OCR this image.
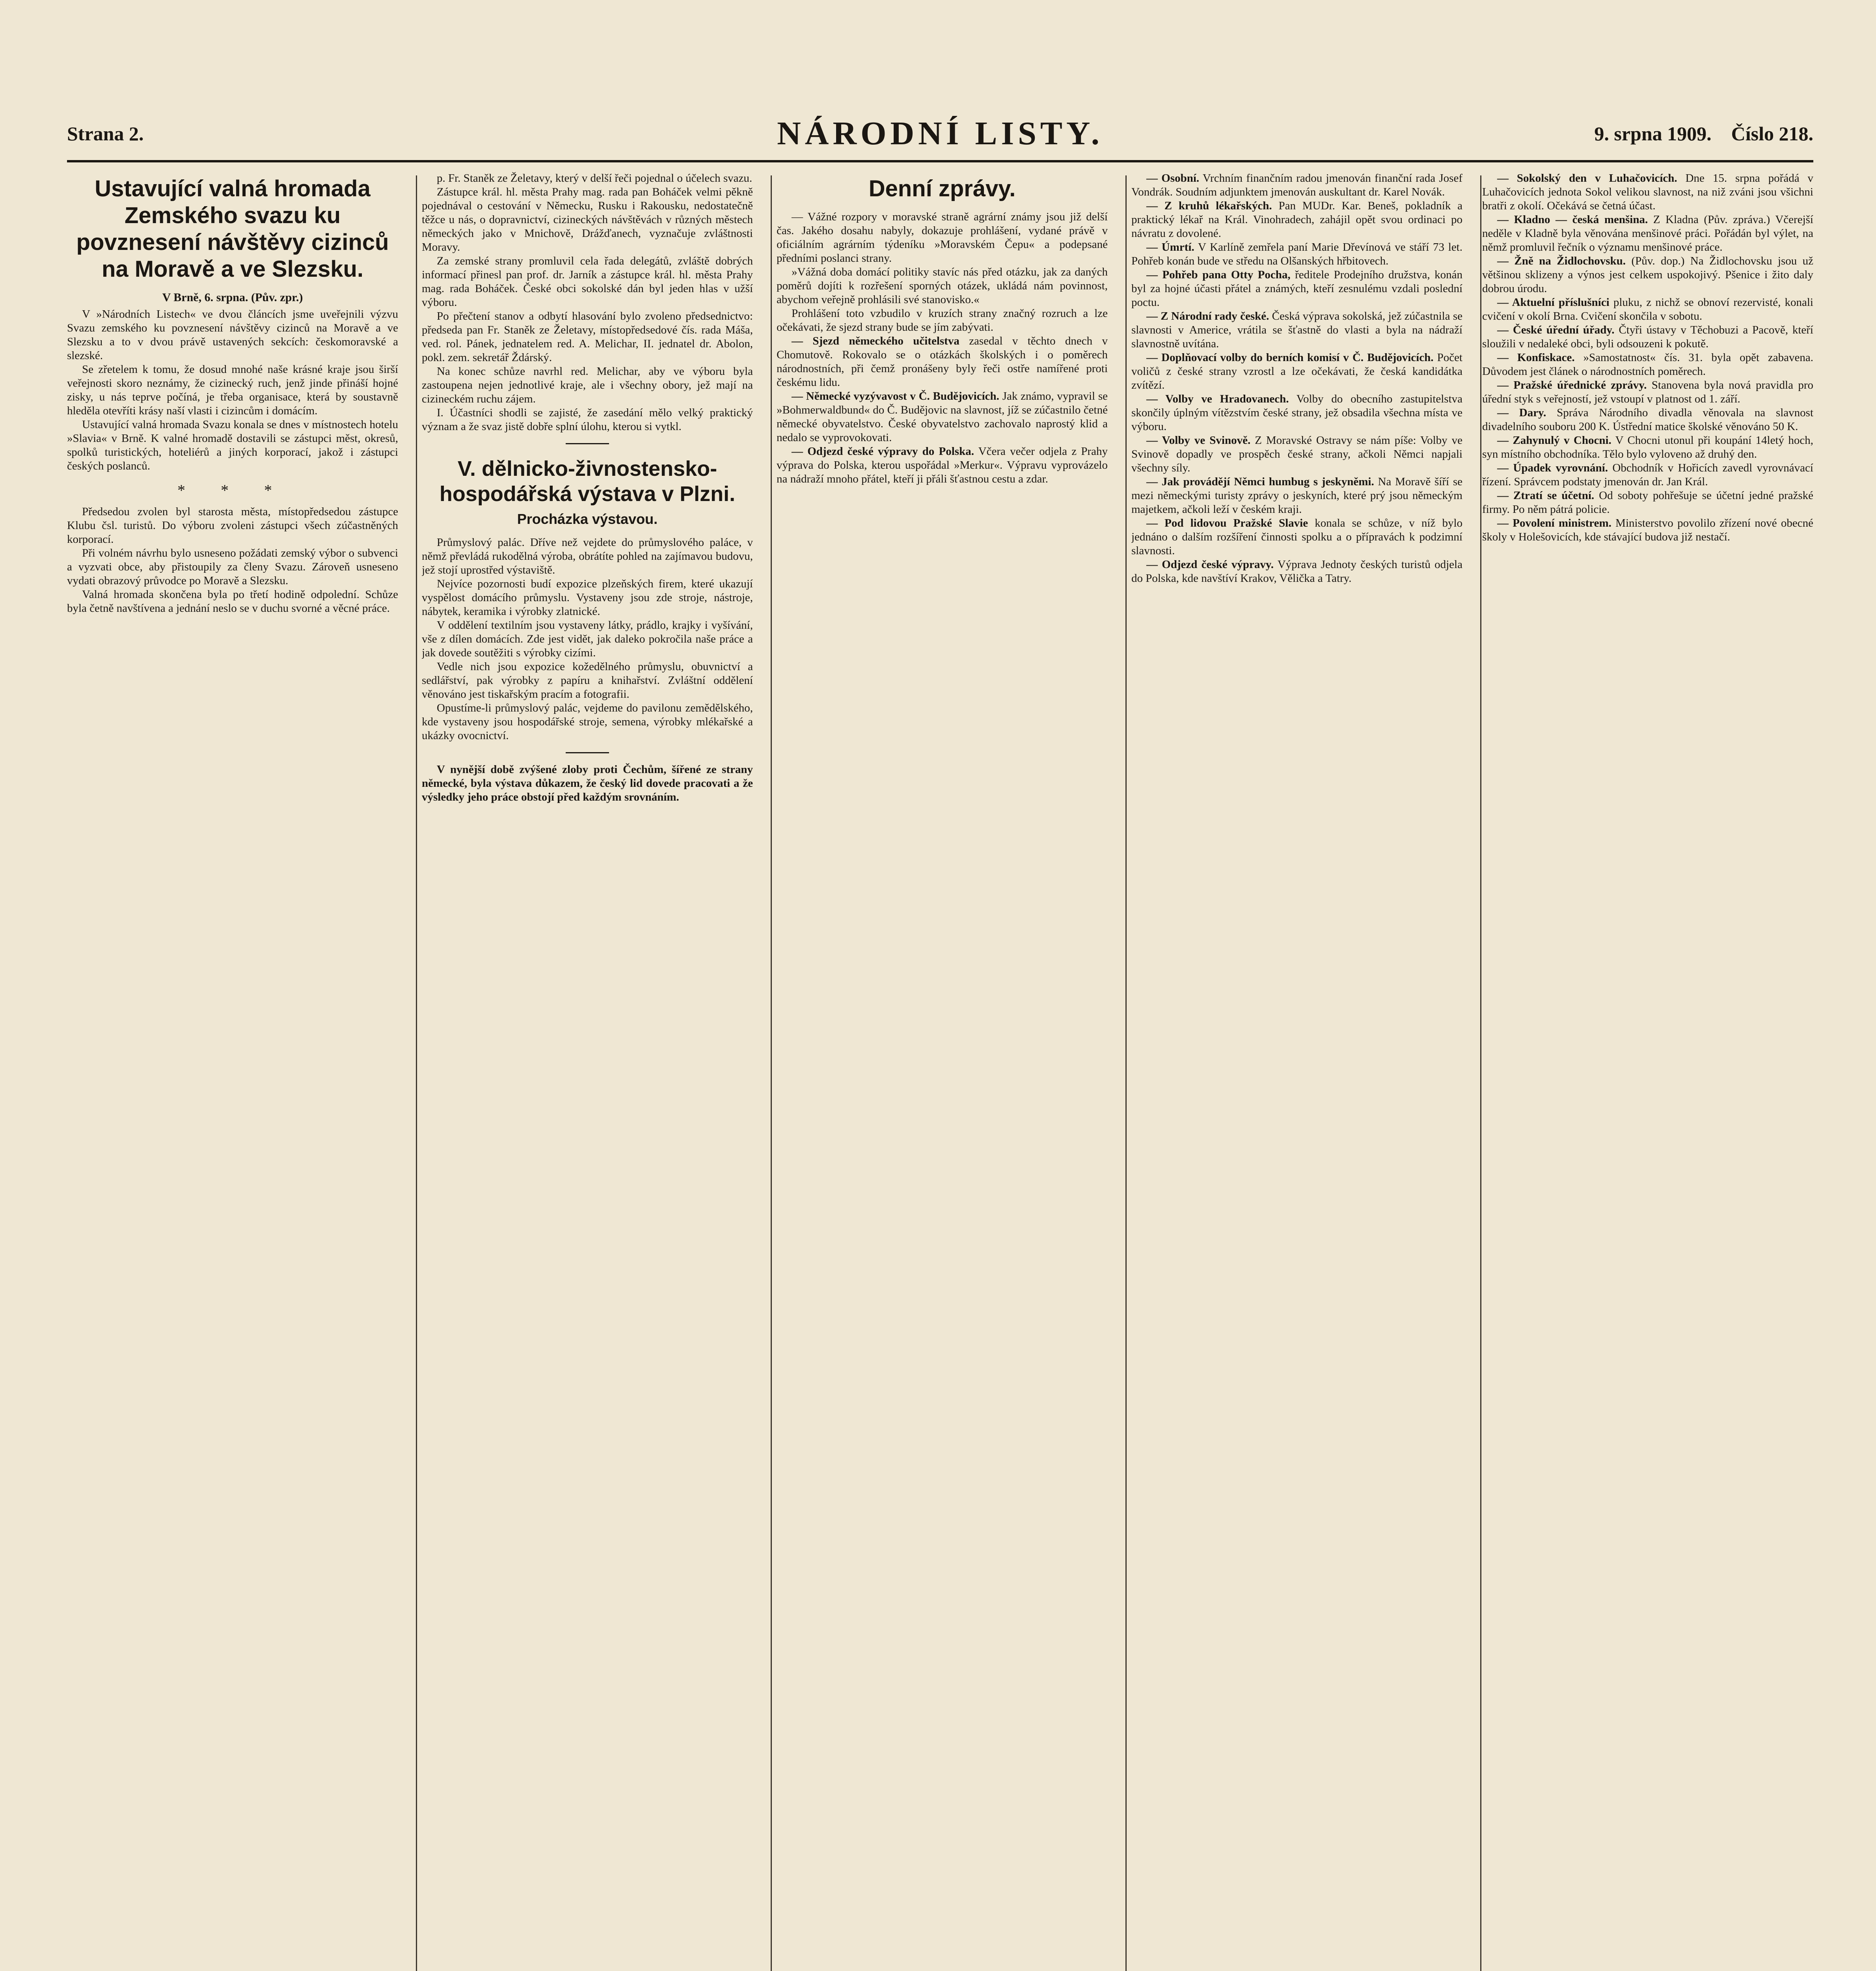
Strana 2.	NÁRODNÍ LISTY.	9. srpna 1909. Číslo 218.
Ustavující valná hromada Zemského svazu ku povznesení návštěvy cizinců na Moravě a ve Slezsku.
V Brně, 6. srpna. (Pův. zpr.)

V »Národních Listech« ve dvou článcích jsme uveřejnili výzvu Svazu zemského ku povznesení návštěvy cizinců na Moravě a ve Slezsku a to v dvou právě ustavených sekcích: českomoravské a slezské.

Se zřetelem k tomu, že dosud mnohé naše krásné kraje jsou širší veřejnosti skoro neznámy, že cizinecký ruch, jenž jinde přináší hojné zisky, u nás teprve počíná, je třeba organisace, která by soustavně hleděla otevříti krásy naší vlasti i cizincům i domácím.

Ustavující valná hromada Svazu konala se dnes v místnostech hotelu »Slavia« v Brně. K valné hromadě dostavili se zástupci měst, okresů, spolků turistických, hoteliérů a jiných korporací, jakož i zástupci českých poslanců.

* * *

Předsedou zvolen byl starosta města, místopředsedou zástupce Klubu čsl. turistů. Do výboru zvoleni zástupci všech zúčastněných korporací.

Při volném návrhu bylo usneseno požádati zemský výbor o subvenci a vyzvati obce, aby přistoupily za členy Svazu. Zároveň usneseno vydati obrazový průvodce po Moravě a Slezsku.

Valná hromada skončena byla po třetí hodině odpolední. Schůze byla četně navštívena a jednání neslo se v duchu svorné a věcné práce.

p. Fr. Staněk ze Želetavy, který v delší řeči pojednal o účelech svazu.

Zástupce král. hl. města Prahy mag. rada pan Boháček velmi pěkně pojednával o cestování v Německu, Rusku i Rakousku, nedostatečně těžce u nás, o dopravnictví, cizineckých návštěvách v různých městech německých jako v Mnichově, Drážďanech, vyznačuje zvláštnosti Moravy.

Za zemské strany promluvil cela řada delegátů, zvláště dobrých informací přinesl pan prof. dr. Jarník a zástupce král. hl. města Prahy mag. rada Boháček. České obci sokolské dán byl jeden hlas v užší výboru.

Po přečtení stanov a odbytí hlasování bylo zvoleno předsednictvo: předseda pan Fr. Staněk ze Želetavy, místopředsedové čís. rada Máša, ved. rol. Pánek, jednatelem red. A. Melichar, II. jednatel dr. Abolon, pokl. zem. sekretář Ždárský.

Na konec schůze navrhl red. Melichar, aby ve výboru byla zastoupena nejen jednotlivé kraje, ale i všechny obory, jež mají na cizineckém ruchu zájem.

I. Účastníci shodli se zajisté, že zasedání mělo velký praktický význam a že svaz jistě dobře splní úlohu, kterou si vytkl.

V. dělnicko-živnostensko-hospodářská výstava v Plzni.
Procházka výstavou.

Průmyslový palác. Dříve než vejdete do průmyslového paláce, v němž převládá rukodělná výroba, obrátíte pohled na zajímavou budovu, jež stojí uprostřed výstaviště.

Nejvíce pozornosti budí expozice plzeňských firem, které ukazují vyspělost domácího průmyslu. Vystaveny jsou zde stroje, nástroje, nábytek, keramika i výrobky zlatnické.

V oddělení textilním jsou vystaveny látky, prádlo, krajky i vyšívání, vše z dílen domácích. Zde jest vidět, jak daleko pokročila naše práce a jak dovede soutěžiti s výrobky cizími.

Vedle nich jsou expozice kožedělného průmyslu, obuvnictví a sedlářství, pak výrobky z papíru a knihařství. Zvláštní oddělení věnováno jest tiskařským pracím a fotografii.

Opustíme-li průmyslový palác, vejdeme do pavilonu zemědělského, kde vystaveny jsou hospodářské stroje, semena, výrobky mlékařské a ukázky ovocnictví.

V nynější době zvýšené zloby proti Čechům, šířené ze strany německé, byla výstava důkazem, že český lid dovede pracovati a že výsledky jeho práce obstojí před každým srovnáním.

Denní zprávy.

— Vážné rozpory v moravské straně agrární známy jsou již delší čas. Jakého dosahu nabyly, dokazuje prohlášení, vydané právě v oficiálním agrárním týdeníku »Moravském Čepu« a podepsané předními poslanci strany.

»Vážná doba domácí politiky stavíc nás před otázku, jak za daných poměrů dojíti k rozřešení sporných otázek, ukládá nám povinnost, abychom veřejně prohlásili své stanovisko.«

Prohlášení toto vzbudilo v kruzích strany značný rozruch a lze očekávati, že sjezd strany bude se jím zabývati.

— Sjezd německého učitelstva zasedal v těchto dnech v Chomutově. Rokovalo se o otázkách školských i o poměrech národnostních, při čemž pronášeny byly řeči ostře namířené proti českému lidu.

— Německé vyzývavost v Č. Budějovicích. Jak známo, vypravil se »Bohmerwaldbund« do Č. Budějovic na slavnost, jíž se zúčastnilo četné německé obyvatelstvo. České obyvatelstvo zachovalo naprostý klid a nedalo se vyprovokovati.

— Odjezd české výpravy do Polska. Včera večer odjela z Prahy výprava do Polska, kterou uspořádal »Merkur«. Výpravu vyprovázelo na nádraží mnoho přátel, kteří ji přáli šťastnou cestu a zdar.

— Osobní. Vrchním finančním radou jmenován finanční rada Josef Vondrák. Soudním adjunktem jmenován auskultant dr. Karel Novák.

— Z kruhů lékařských. Pan MUDr. Kar. Beneš, pokladník a praktický lékař na Král. Vinohradech, zahájil opět svou ordinaci po návratu z dovolené.

— Úmrtí. V Karlíně zemřela paní Marie Dřevínová ve stáří 73 let. Pohřeb konán bude ve středu na Olšanských hřbitovech.

— Pohřeb pana Otty Pocha, ředitele Prodejního družstva, konán byl za hojné účasti přátel a známých, kteří zesnulému vzdali poslední poctu.

— Z Národní rady české. Česká výprava sokolská, jež zúčastnila se slavnosti v Americe, vrátila se šťastně do vlasti a byla na nádraží slavnostně uvítána.

— Doplňovací volby do berních komisí v Č. Budějovicích. Počet voličů z české strany vzrostl a lze očekávati, že česká kandidátka zvítězí.

— Volby ve Hradovanech. Volby do obecního zastupitelstva skončily úplným vítězstvím české strany, jež obsadila všechna místa ve výboru.

— Volby ve Svinově. Z Moravské Ostravy se nám píše: Volby ve Svinově dopadly ve prospěch české strany, ačkoli Němci napjali všechny síly.

— Jak provádějí Němci humbug s jeskyněmi. Na Moravě šíří se mezi německými turisty zprávy o jeskyních, které prý jsou německým majetkem, ačkoli leží v českém kraji.

— Pod lidovou Pražské Slavie konala se schůze, v níž bylo jednáno o dalším rozšíření činnosti spolku a o přípravách k podzimní slavnosti.

— Odjezd české výpravy. Výprava Jednoty českých turistů odjela do Polska, kde navštíví Krakov, Vělička a Tatry.

— Sokolský den v Luhačovicích. Dne 15. srpna pořádá v Luhačovicích jednota Sokol velikou slavnost, na niž zváni jsou všichni bratři z okolí. Očekává se četná účast.

— Kladno — česká menšina. Z Kladna (Pův. zpráva.) Včerejší neděle v Kladně byla věnována menšinové práci. Pořádán byl výlet, na němž promluvil řečník o významu menšinové práce.

— Žně na Židlochovsku. (Pův. dop.) Na Židlochovsku jsou už většinou sklizeny a výnos jest celkem uspokojivý. Pšenice i žito daly dobrou úrodu.

— Aktuelní příslušníci pluku, z nichž se obnoví rezervisté, konali cvičení v okolí Brna. Cvičení skončila v sobotu.

— České úřední úřady. Čtyři ústavy v Těchobuzi a Pacově, kteří sloužili v nedaleké obci, byli odsouzeni k pokutě.

— Konfiskace. »Samostatnost« čís. 31. byla opět zabavena. Důvodem jest článek o národnostních poměrech.

— Pražské úřednické zprávy. Stanovena byla nová pravidla pro úřední styk s veřejností, jež vstoupí v platnost od 1. září.

— Dary. Správa Národního divadla věnovala na slavnost divadelního souboru 200 K. Ústřední matice školské věnováno 50 K.

— Zahynulý v Chocni. V Chocni utonul při koupání 14letý hoch, syn místního obchodníka. Tělo bylo vyloveno až druhý den.

— Úpadek vyrovnání. Obchodník v Hořicích zavedl vyrovnávací řízení. Správcem podstaty jmenován dr. Jan Král.

— Ztratí se účetní. Od soboty pohřešuje se účetní jedné pražské firmy. Po něm pátrá policie.

— Povolení ministrem. Ministerstvo povolilo zřízení nové obecné školy v Holešovicích, kde stávající budova již nestačí.
